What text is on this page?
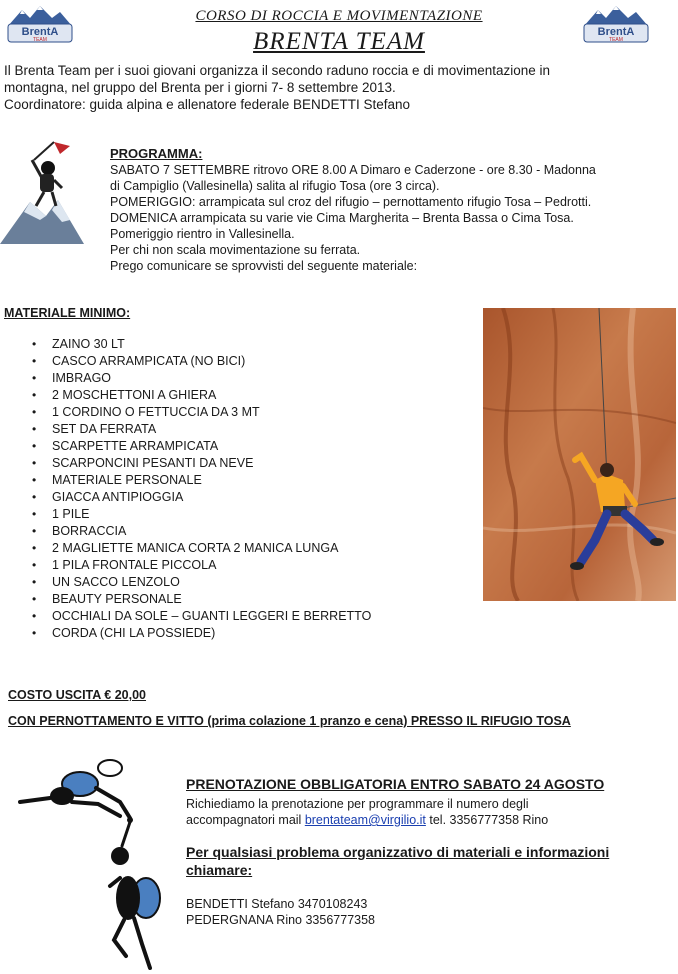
BrentA
TEAM
BrentA
TEAM
CORSO DI ROCCIA E MOVIMENTAZIONE
BRENTA TEAM
Il Brenta Team per i suoi giovani organizza il secondo raduno roccia e di movimentazione in
montagna, nel gruppo del Brenta per i giorni 7- 8 settembre 2013.
Coordinatore: guida alpina e allenatore federale BENDETTI Stefano
PROGRAMMA:
SABATO 7 SETTEMBRE ritrovo ORE 8.00 A Dimaro e Caderzone - ore 8.30 - Madonna
di Campiglio (Vallesinella) salita al rifugio Tosa (ore 3 circa).
POMERIGGIO: arrampicata sul croz del rifugio – pernottamento rifugio Tosa – Pedrotti.
DOMENICA arrampicata su varie vie Cima Margherita – Brenta Bassa o Cima Tosa.
Pomeriggio rientro in Vallesinella.
Per chi non scala movimentazione su ferrata.
Prego comunicare se sprovvisti del seguente materiale:
MATERIALE MINIMO:
• ZAINO 30 LT
• CASCO ARRAMPICATA (NO BICI)
• IMBRAGO
• 2 MOSCHETTONI A GHIERA
• 1 CORDINO O FETTUCCIA DA 3 MT
• SET DA FERRATA
• SCARPETTE ARRAMPICATA
• SCARPONCINI PESANTI DA NEVE
• MATERIALE PERSONALE
• GIACCA ANTIPIOGGIA
• 1 PILE
• BORRACCIA
• 2 MAGLIETTE MANICA CORTA 2 MANICA LUNGA
• 1 PILA FRONTALE PICCOLA
• UN SACCO LENZOLO
• BEAUTY PERSONALE
• OCCHIALI DA SOLE – GUANTI LEGGERI E BERRETTO
• CORDA (CHI LA POSSIEDE)
COSTO USCITA € 20,00
CON PERNOTTAMENTO E VITTO (prima colazione 1 pranzo e cena) PRESSO IL RIFUGIO TOSA
PRENOTAZIONE OBBLIGATORIA ENTRO SABATO 24 AGOSTO
Richiediamo la prenotazione per programmare il numero degli
accompagnatori mail brentateam@virgilio.it tel. 3356777358 Rino
Per qualsiasi problema organizzativo di materiali e informazioni chiamare:
BENDETTI Stefano 3470108243
PEDERGNANA Rino 3356777358
